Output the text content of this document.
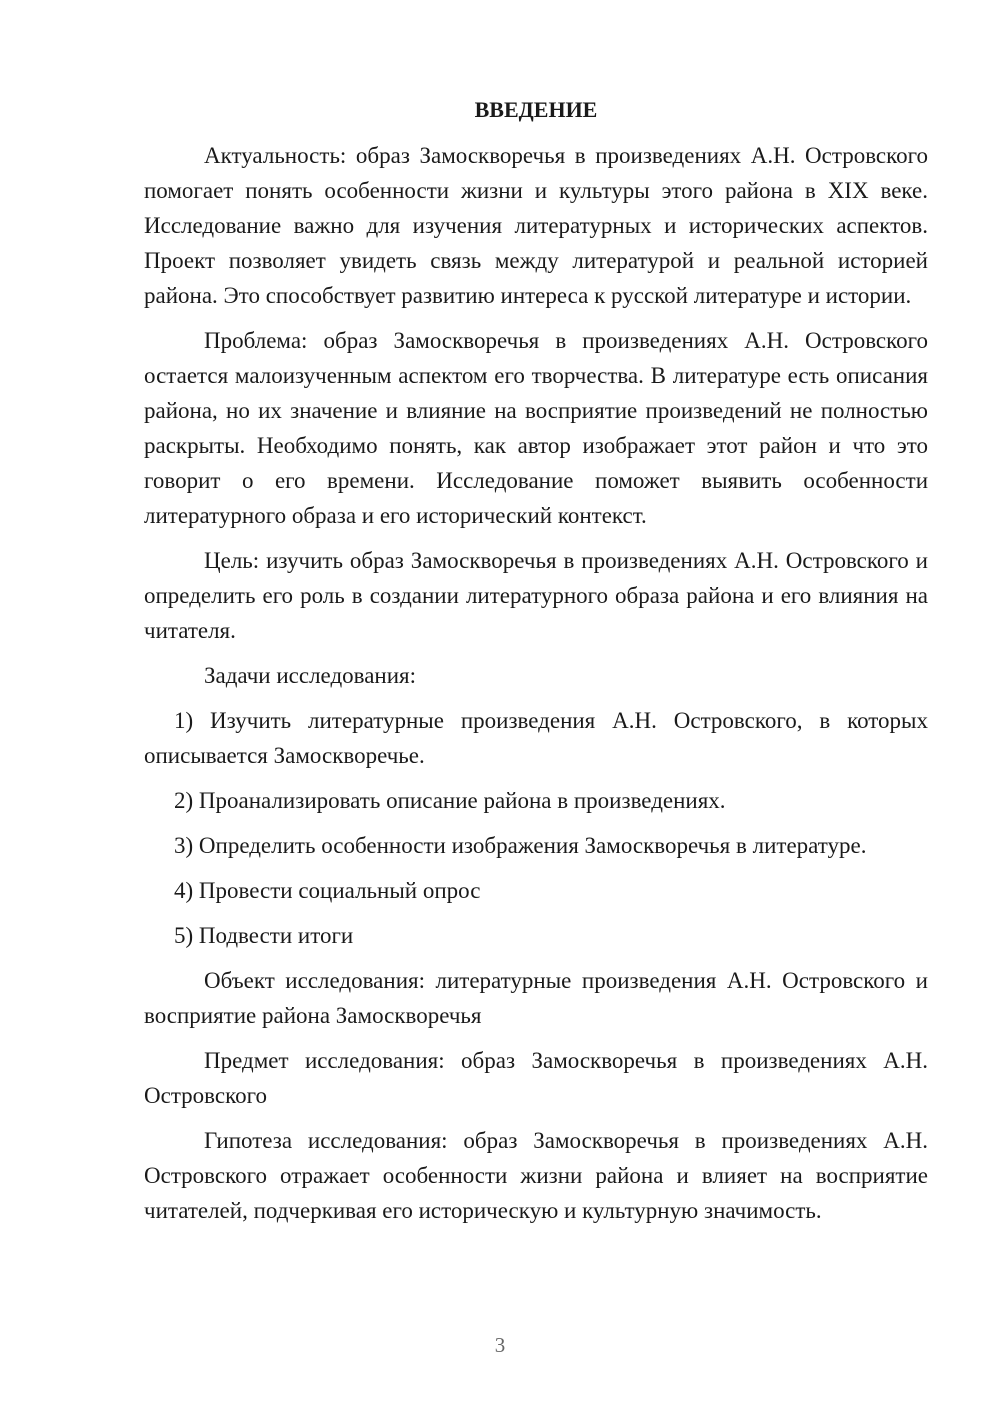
ВВЕДЕНИЕ

Актуальность: образ Замоскворечья в произведениях А.Н. Островского помогает понять особенности жизни и культуры этого района в XIX веке. Исследование важно для изучения литературных и исторических аспектов. Проект позволяет увидеть связь между литературой и реальной историей района. Это способствует развитию интереса к русской литературе и истории.

Проблема: образ Замоскворечья в произведениях А.Н. Островского остается малоизученным аспектом его творчества. В литературе есть описания района, но их значение и влияние на восприятие произведений не полностью раскрыты. Необходимо понять, как автор изображает этот район и что это говорит о его времени. Исследование поможет выявить особенности литературного образа и его исторический контекст.

Цель: изучить образ Замоскворечья в произведениях А.Н. Островского и определить его роль в создании литературного образа района и его влияния на читателя.

Задачи исследования:

1) Изучить литературные произведения А.Н. Островского, в которых описывается Замоскворечье.

2) Проанализировать описание района в произведениях.

3) Определить особенности изображения Замоскворечья в литературе.

4) Провести социальный опрос

5) Подвести итоги

Объект исследования: литературные произведения А.Н. Островского и восприятие района Замоскворечья

Предмет исследования: образ Замоскворечья в произведениях А.Н. Островского

Гипотеза исследования: образ Замоскворечья в произведениях А.Н. Островского отражает особенности жизни района и влияет на восприятие читателей, подчеркивая его историческую и культурную значимость.

3
